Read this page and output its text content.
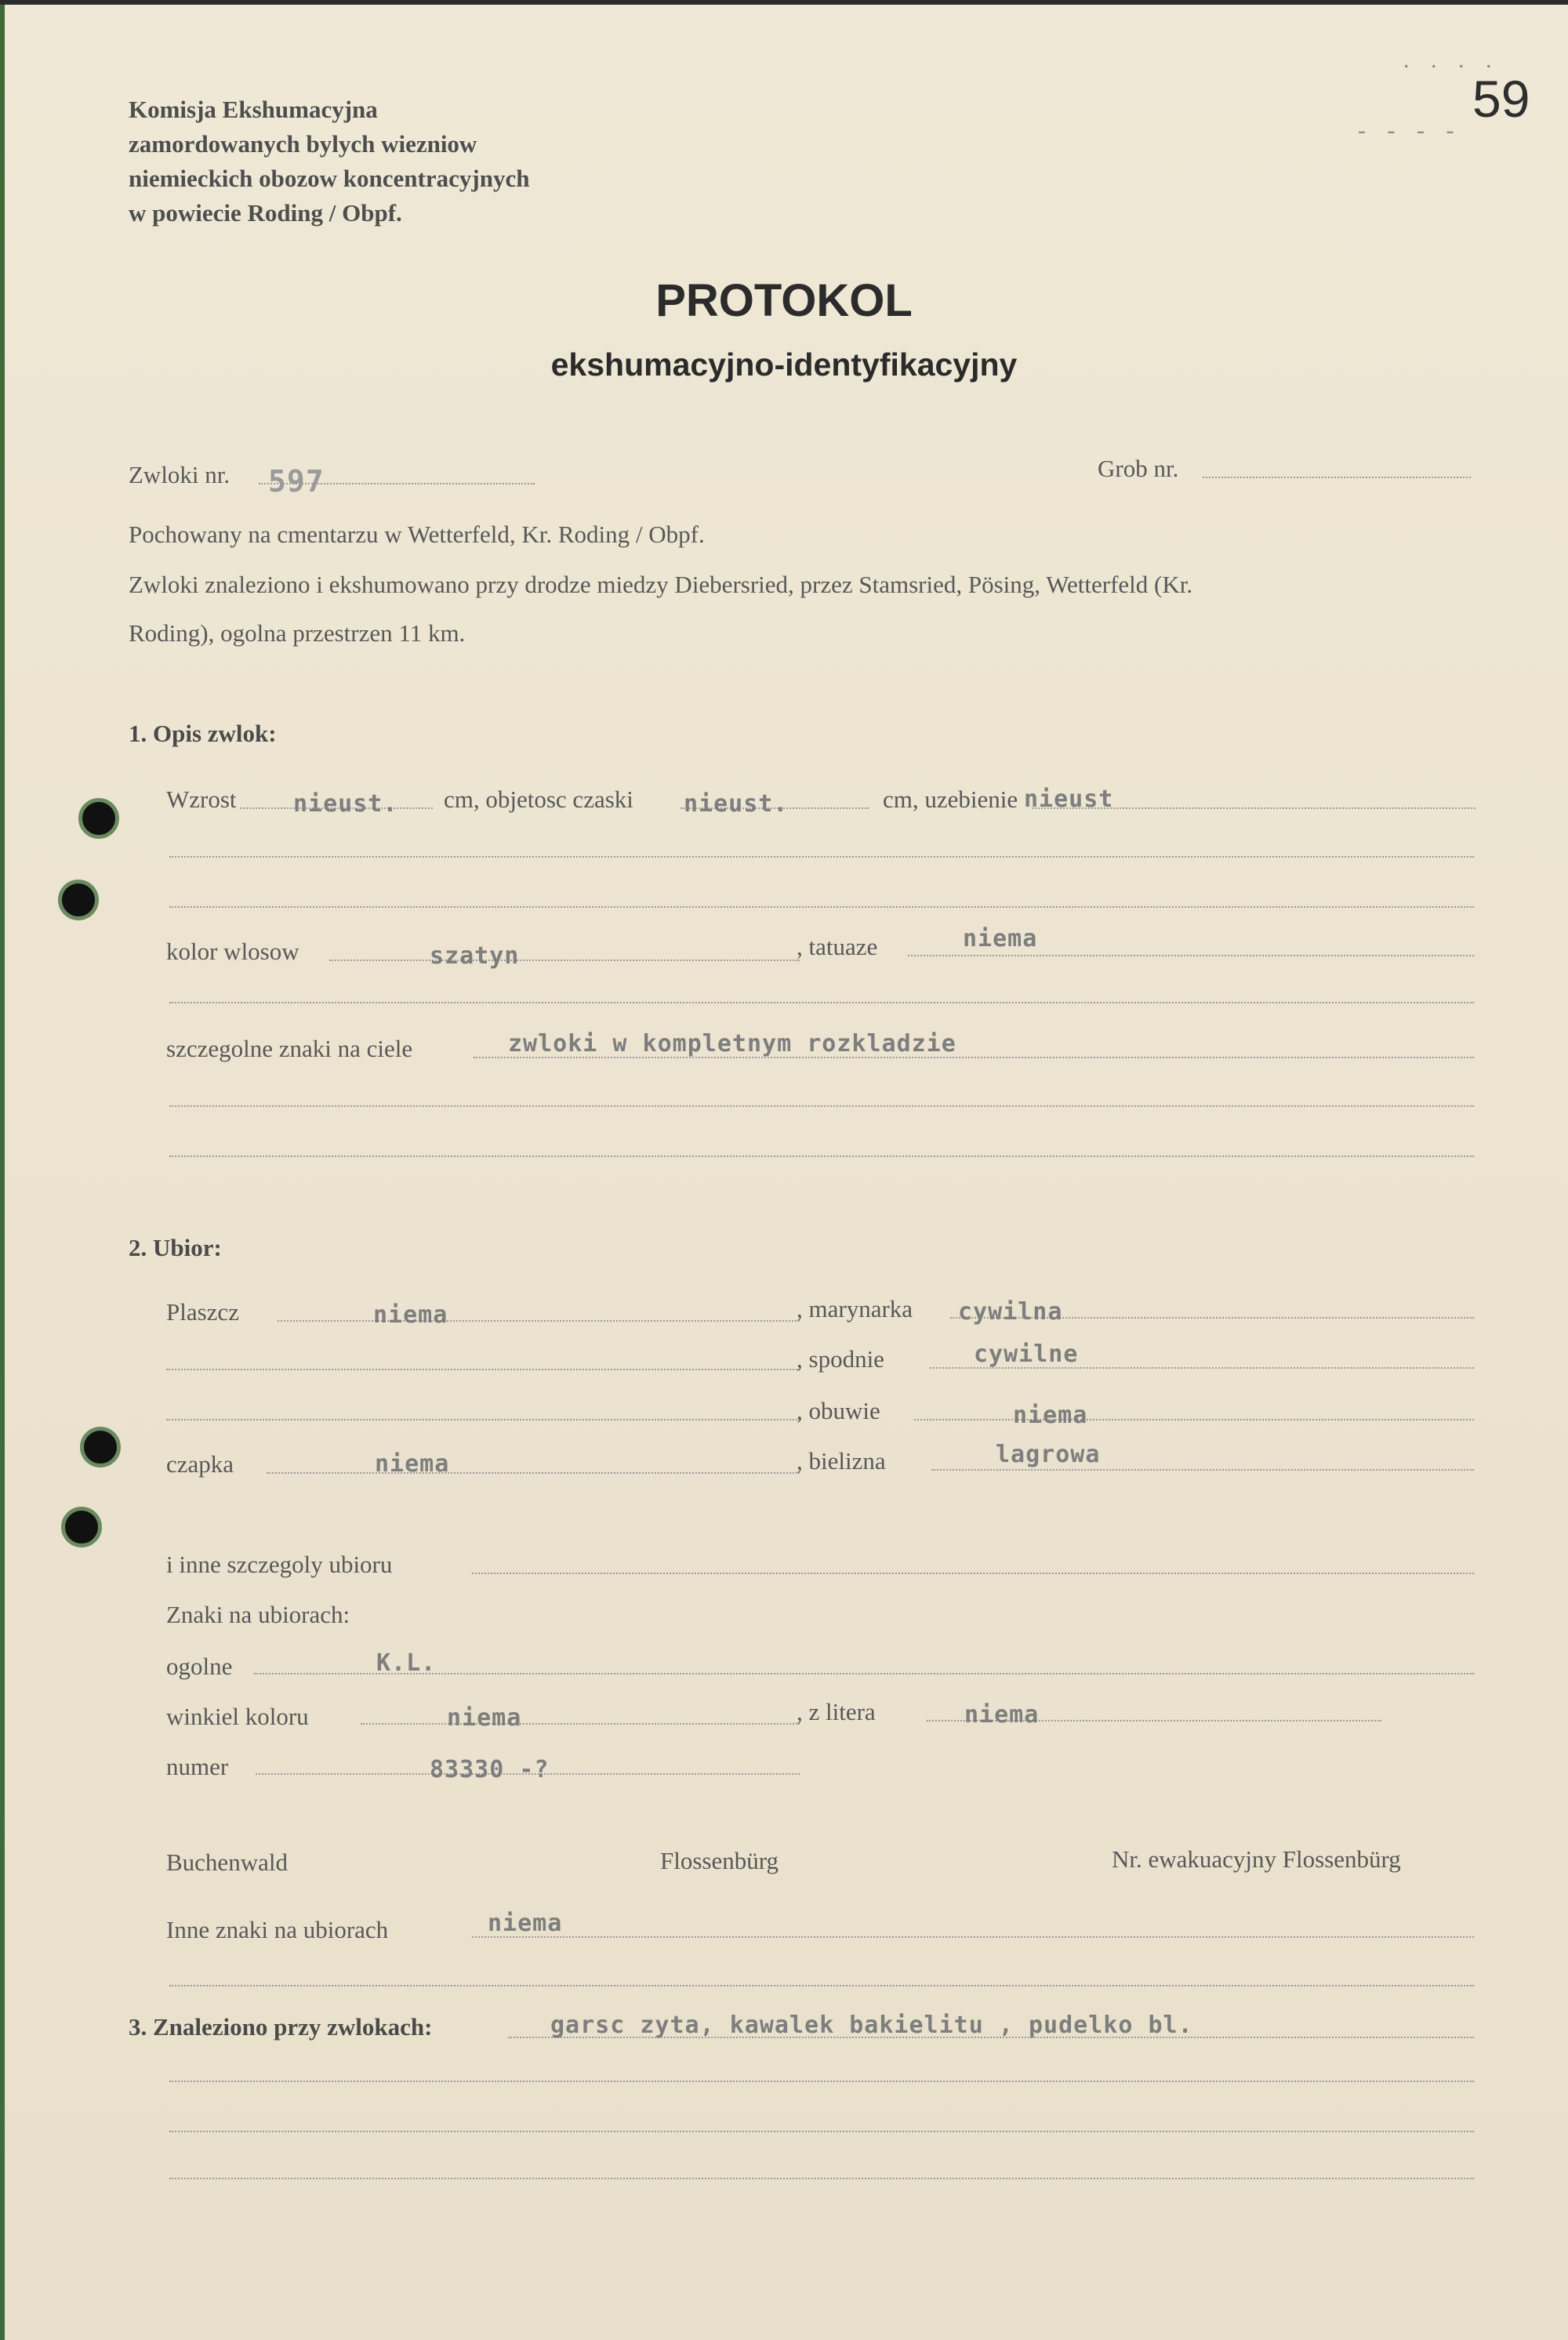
59
. . . .
- - - -
Komisja Ekshumacyjna
zamordowanych bylych wiezniow
niemieckich obozow koncentracyjnych
w powiecie Roding / Obpf.
PROTOKOL
ekshumacyjno-identyfikacyjny
Zwloki nr. 597	Grob nr.
Pochowany na cmentarzu w Wetterfeld, Kr. Roding / Obpf.
Zwloki znaleziono i ekshumowano przy drodze miedzy Diebersried, przez Stamsried, Pösing, Wetterfeld (Kr.
Roding), ogolna przestrzen 11 km.
1. Opis zwlok:
Wzrost nieust. cm, objetosc czaski nieust.	cm, uzebienie nieust
kolor wlosow	szatyn	, tatuaze	niema
szczegolne znaki na ciele	zwloki w kompletnym rozkladzie
2. Ubior:
Plaszcz	niema	, marynarka cywilna
, spodnie	cywilne
, obuwie	niema
czapka	niema	, bielizna	lagrowa
i inne szczegoly ubioru
Znaki na ubiorach:
ogolne	K.L.
winkiel koloru	niema	, z litera	niema
numer	83330 -?
Buchenwald	Flossenbürg	Nr. ewakuacyjny Flossenbürg
Inne znaki na ubiorach	niema
3. Znaleziono przy zwlokach:	garsc zyta, kawalek bakielitu , pudelko bl.
